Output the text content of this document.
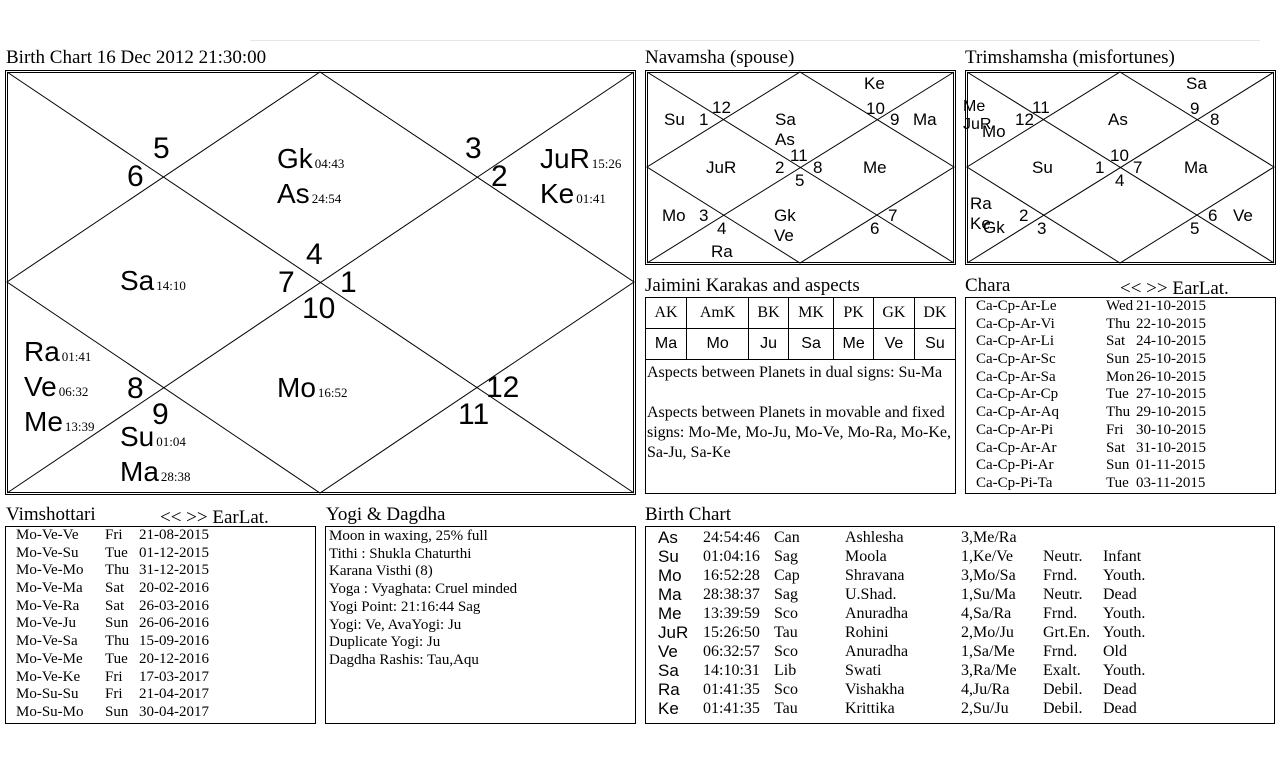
Birth Chart 16 Dec 2012 21:30:00
4
3
2
1
12
11
10
9
8
7
6
5	Gk 04:43
As 24:54
JuR 15:26
Ke 01:41
Sa 14:10
Ra 01:41
Ve 06:32
Me 13:39 Su 01:04
Ma 28:38
Mo 16:52
Navamsha (spouse)
11
10
9
8
7
6
5
4
3
2
1
12
Ke
Su	Sa As
Ma
JuR	Me
Mo	Gk Ve
Ra
Trimshamsha (misfortunes)
10
9
8
7
6
5
4
3
2
1
12
11
Sa
Me JuR
Mo
As
Su	Ma
Ra Ke
Gk
Ve
Jaimini Karakas and aspects
AK	AmK	BK	MK	PK	GK	DK
Ma	Mo	Ju	Sa	Me	Ve	Su
Aspects between Planets in dual signs: Su-Ma
Aspects between Planets in movable and fixed signs: Mo-Me, Mo-Ju, Mo-Ve, Mo-Ra, Mo-Ke, Sa-Ju, Sa-Ke
Chara	<< >> EarLat.
Ca-Cp-Ar-Le	Wed 21-10-2015
Ca-Cp-Ar-Vi	Thu 22-10-2015
Ca-Cp-Ar-Li	Sat 24-10-2015
Ca-Cp-Ar-Sc	Sun 25-10-2015
Ca-Cp-Ar-Sa	Mon 26-10-2015
Ca-Cp-Ar-Cp	Tue 27-10-2015
Ca-Cp-Ar-Aq	Thu 29-10-2015
Ca-Cp-Ar-Pi	Fri 30-10-2015
Ca-Cp-Ar-Ar	Sat 31-10-2015
Ca-Cp-Pi-Ar	Sun 01-11-2015
Ca-Cp-Pi-Ta	Tue 03-11-2015
Vimshottari	<< >> EarLat.
Mo-Ve-Ve Fri 21-08-2015
Mo-Ve-Su Tue 01-12-2015
Mo-Ve-Mo Thu 31-12-2015
Mo-Ve-Ma Sat 20-02-2016
Mo-Ve-Ra Sat 26-03-2016
Mo-Ve-Ju Sun 26-06-2016
Mo-Ve-Sa Thu 15-09-2016
Mo-Ve-Me Tue 20-12-2016
Mo-Ve-Ke Fri 17-03-2017
Mo-Su-Su Fri 21-04-2017
Mo-Su-Mo Sun 30-04-2017
Yogi & Dagdha
Moon in waxing, 25% full
Tithi : Shukla Chaturthi
Karana Visthi (8)
Yoga : Vyaghata: Cruel minded
Yogi Point: 21:16:44 Sag
Yogi: Ve, AvaYogi: Ju
Duplicate Yogi: Ju
Dagdha Rashis: Tau,Aqu
Birth Chart
As 24:54:46 Can	Ashlesha	3,Me/Ra
Su 01:04:16 Sag	Moola	1,Ke/Ve Neutr. Infant
Mo 16:52:28 Cap	Shravana	3,Mo/Sa Frnd. Youth.
Ma 28:38:37 Sag	U.Shad.	1,Su/Ma Neutr. Dead
Me 13:39:59 Sco	Anuradha	4,Sa/Ra Frnd. Youth.
JuR 15:26:50 Tau	Rohini	2,Mo/Ju Grt.En. Youth.
Ve 06:32:57 Sco	Anuradha	1,Sa/Me Frnd. Old
Sa 14:10:31 Lib	Swati	3,Ra/Me Exalt. Youth.
Ra 01:41:35 Sco	Vishakha	4,Ju/Ra Debil. Dead
Ke 01:41:35 Tau	Krittika	2,Su/Ju Debil. Dead
